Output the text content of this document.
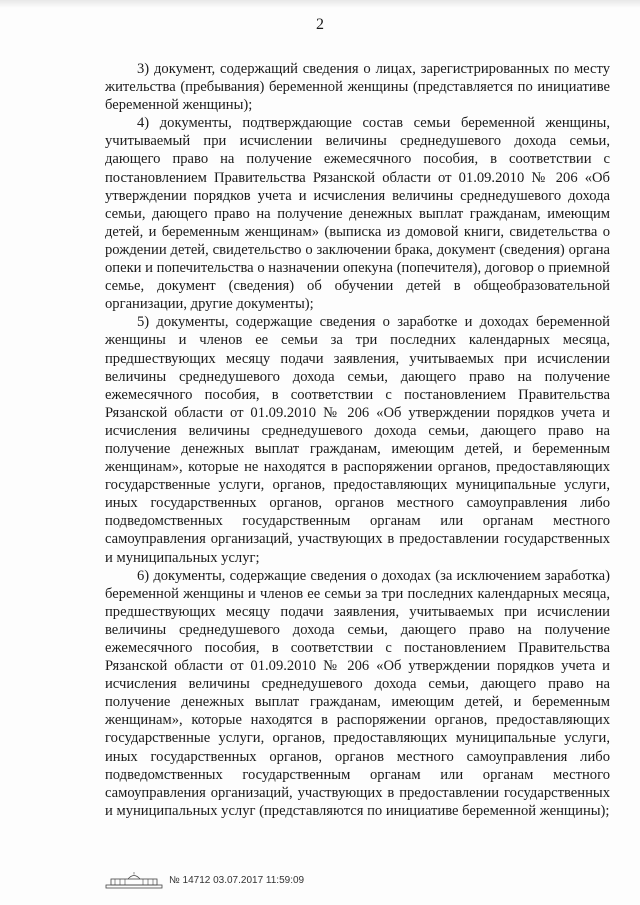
2

3) документ, содержащий сведения о лицах, зарегистрированных по месту жительства (пребывания) беременной женщины (представляется по инициативе беременной женщины);

4) документы, подтверждающие состав семьи беременной женщины, учитываемый при исчислении величины среднедушевого дохода семьи, дающего право на получение ежемесячного пособия, в соответствии с постановлением Правительства Рязанской области от 01.09.2010 № 206 «Об утверждении порядков учета и исчисления величины среднедушевого дохода семьи, дающего право на получение денежных выплат гражданам, имеющим детей, и беременным женщинам» (выписка из домовой книги, свидетельства о рождении детей, свидетельство о заключении брака, документ (сведения) органа опеки и попечительства о назначении опекуна (попечителя), договор о приемной семье, документ (сведения) об обучении детей в общеобразовательной организации, другие документы);

5) документы, содержащие сведения о заработке и доходах беременной женщины и членов ее семьи за три последних календарных месяца, предшествующих месяцу подачи заявления, учитываемых при исчислении величины среднедушевого дохода семьи, дающего право на получение ежемесячного пособия, в соответствии с постановлением Правительства Рязанской области от 01.09.2010 № 206 «Об утверждении порядков учета и исчисления величины среднедушевого дохода семьи, дающего право на получение денежных выплат гражданам, имеющим детей, и беременным женщинам», которые не находятся в распоряжении органов, предоставляющих государственные услуги, органов, предоставляющих муниципальные услуги, иных государственных органов, органов местного самоуправления либо подведомственных государственным органам или органам местного самоуправления организаций, участвующих в предоставлении государственных и муниципальных услуг;

6) документы, содержащие сведения о доходах (за исключением заработка) беременной женщины и членов ее семьи за три последних календарных месяца, предшествующих месяцу подачи заявления, учитываемых при исчислении величины среднедушевого дохода семьи, дающего право на получение ежемесячного пособия, в соответствии с постановлением Правительства Рязанской области от 01.09.2010 № 206 «Об утверждении порядков учета и исчисления величины среднедушевого дохода семьи, дающего право на получение денежных выплат гражданам, имеющим детей, и беременным женщинам», которые находятся в распоряжении органов, предоставляющих государственные услуги, органов, предоставляющих муниципальные услуги, иных государственных органов, органов местного самоуправления либо подведомственных государственным органам или органам местного самоуправления организаций, участвующих в предоставлении государственных и муниципальных услуг (представляются по инициативе беременной женщины);

№ 14712 03.07.2017 11:59:09
